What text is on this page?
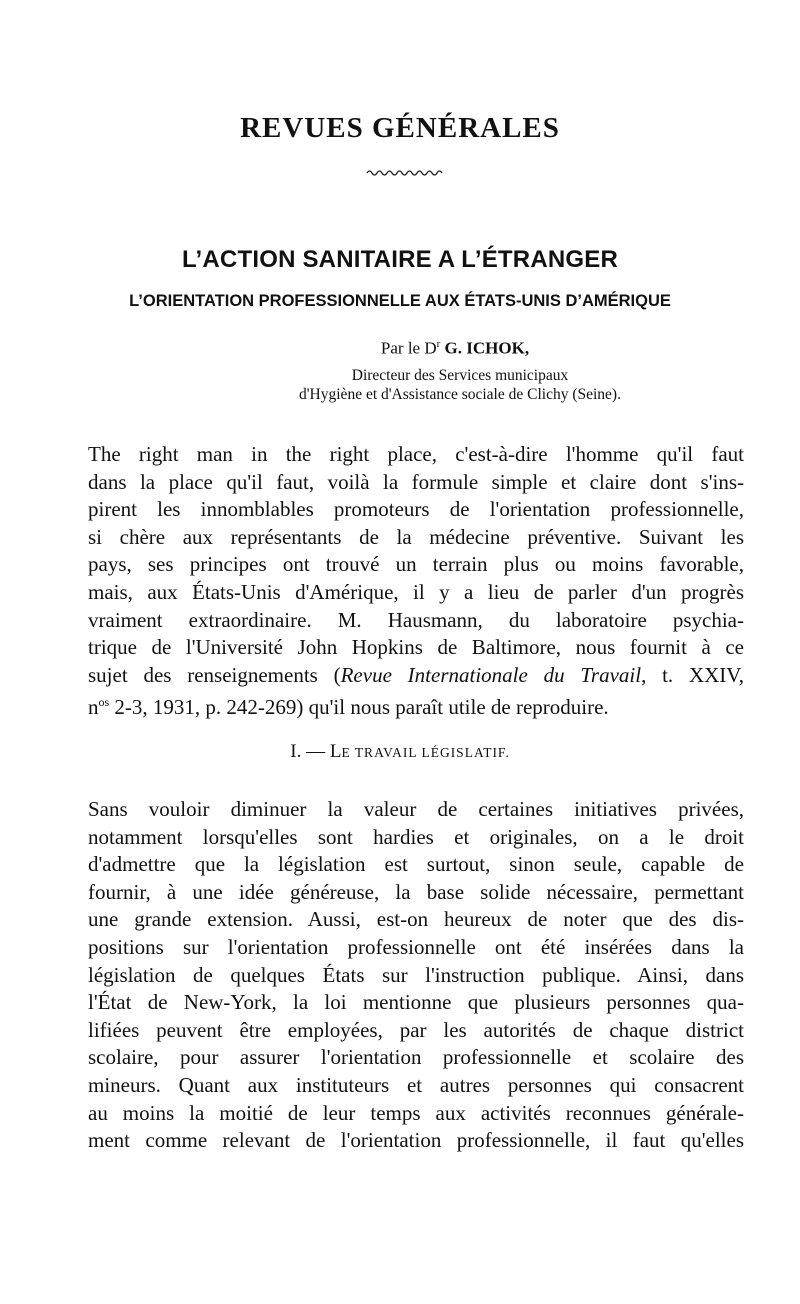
REVUES GÉNÉRALES
L’ACTION SANITAIRE A L’ÉTRANGER
L’ORIENTATION PROFESSIONNELLE AUX ÉTATS-UNIS D’AMÉRIQUE
Par le $D^r$ G. ICHOK,
Directeur des Services municipaux
d'Hygiène et d'Assistance sociale de Clichy (Seine).
The right man in the right place, c'est-à-dire l'homme qu'il faut
dans la place qu'il faut, voilà la formule simple et claire dont s'ins-
pirent les innomblables promoteurs de l'orientation professionnelle,
si chère aux représentants de la médecine préventive. Suivant les
pays, ses principes ont trouvé un terrain plus ou moins favorable,
mais, aux États-Unis d'Amérique, il y a lieu de parler d'un progrès
vraiment extraordinaire. M. Hausmann, du laboratoire psychia-
trique de l'Université John Hopkins de Baltimore, nous fournit à ce
sujet des renseignements (Revue Internationale du Travail, t. XXIV,
$n^{os}$ 2-3, 1931, p. 242-269) qu'il nous paraît utile de reproduire.
I. — LE TRAVAIL LÉGISLATIF.
Sans vouloir diminuer la valeur de certaines initiatives privées,
notamment lorsqu'elles sont hardies et originales, on a le droit
d'admettre que la législation est surtout, sinon seule, capable de
fournir, à une idée généreuse, la base solide nécessaire, permettant
une grande extension. Aussi, est-on heureux de noter que des dis-
positions sur l'orientation professionnelle ont été insérées dans la
législation de quelques États sur l'instruction publique. Ainsi, dans
l'État de New-York, la loi mentionne que plusieurs personnes qua-
lifiées peuvent être employées, par les autorités de chaque district
scolaire, pour assurer l'orientation professionnelle et scolaire des
mineurs. Quant aux instituteurs et autres personnes qui consacrent
au moins la moitié de leur temps aux activités reconnues générale-
ment comme relevant de l'orientation professionnelle, il faut qu'elles
